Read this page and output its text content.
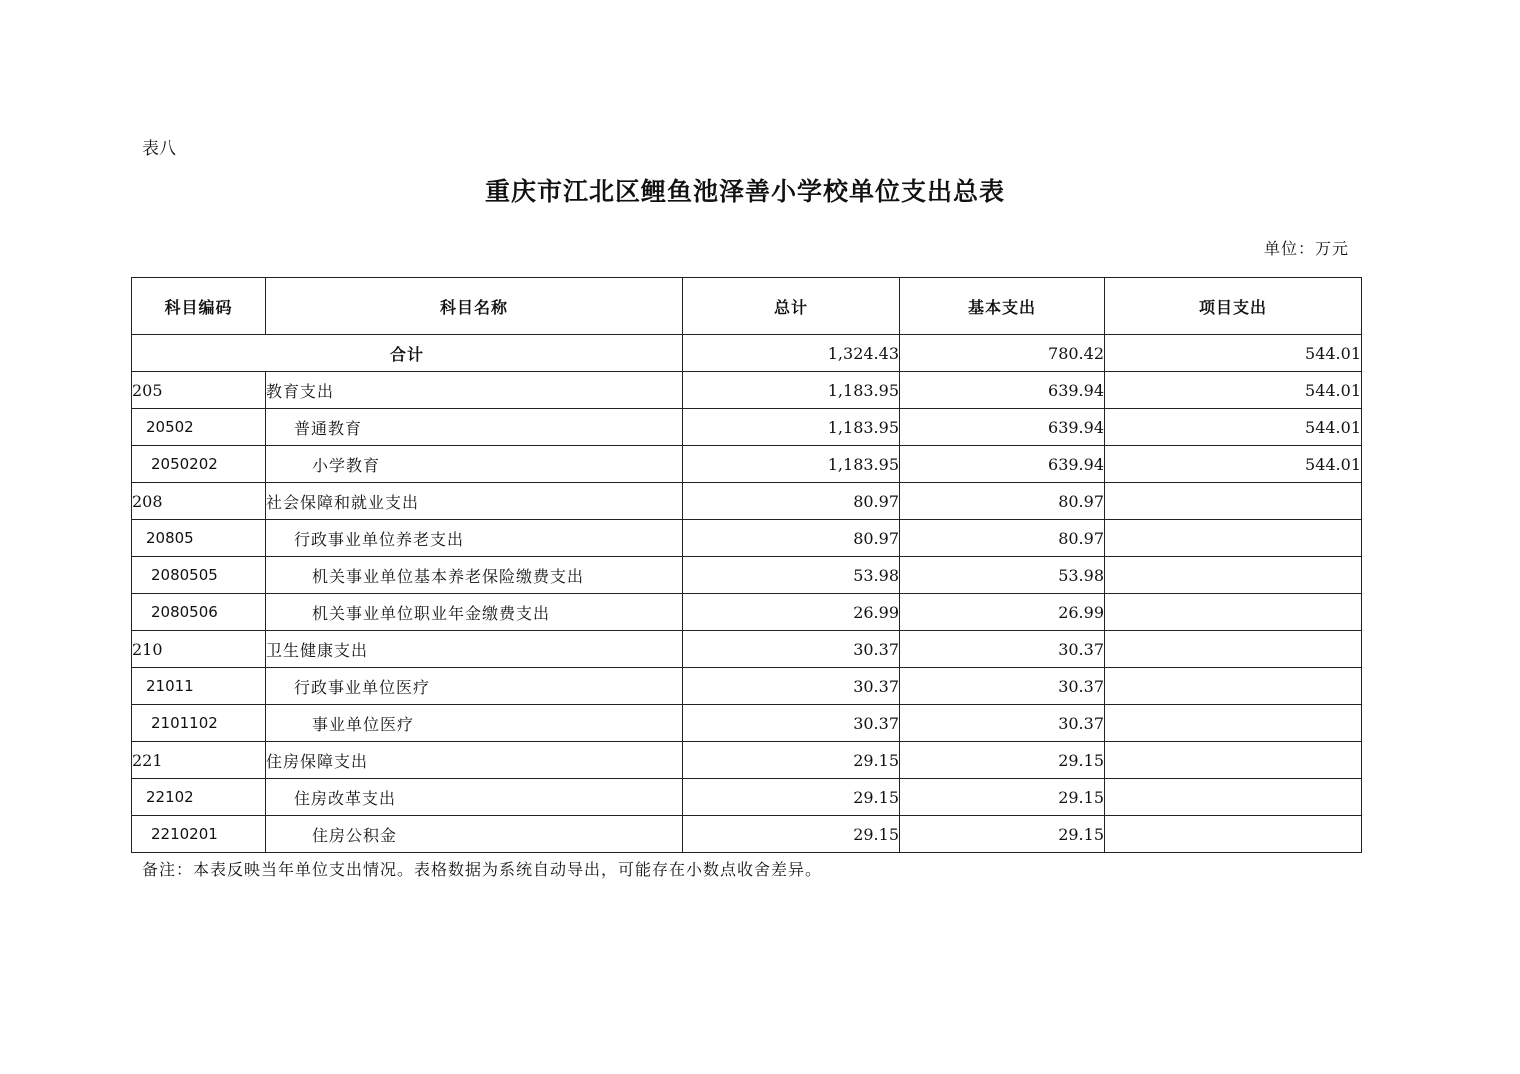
表八
重庆市江北区鲤鱼池泽善小学校单位支出总表
单位：万元
科目编码	科目名称	总计	基本支出	项目支出
合计		1,324.43	780.42	544.01
205	教育支出	1,183.95	639.94	544.01
20502	普通教育	1,183.95	639.94	544.01
2050202	小学教育	1,183.95	639.94	544.01
208	社会保障和就业支出	80.97	80.97	
20805	行政事业单位养老支出	80.97	80.97	
2080505	机关事业单位基本养老保险缴费支出	53.98	53.98	
2080506	机关事业单位职业年金缴费支出	26.99	26.99	
210	卫生健康支出	30.37	30.37	
21011	行政事业单位医疗	30.37	30.37	
2101102	事业单位医疗	30.37	30.37	
221	住房保障支出	29.15	29.15	
22102	住房改革支出	29.15	29.15	
2210201	住房公积金	29.15	29.15	
备注：本表反映当年单位支出情况。表格数据为系统自动导出，可能存在小数点收舍差异。
